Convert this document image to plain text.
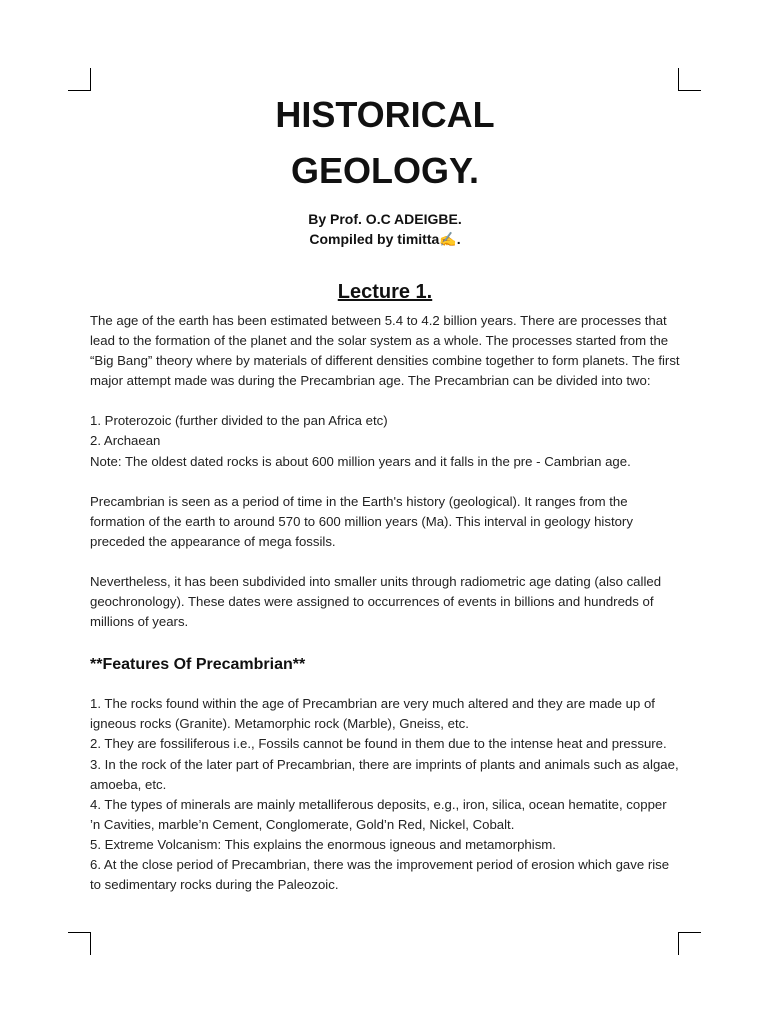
HISTORICAL
GEOLOGY.
By Prof. O.C ADEIGBE.
Compiled by timitta✍️.
Lecture 1.
The age of the earth has been estimated between 5.4 to 4.2 billion years. There are processes that lead to the formation of the planet and the solar system as a whole. The processes started from the “Big Bang” theory where by materials of different densities combine together to form planets. The first major attempt made was during the Precambrian age. The Precambrian can be divided into two:
1. Proterozoic (further divided to the pan Africa etc)
2. Archaean
Note: The oldest dated rocks is about 600 million years and it falls in the pre - Cambrian age.
Precambrian is seen as a period of time in the Earth's history (geological). It ranges from the formation of the earth to around 570 to 600 million years (Ma). This interval in geology history preceded the appearance of mega fossils.
Nevertheless, it has been subdivided into smaller units through radiometric age dating (also called geochronology). These dates were assigned to occurrences of events in billions and hundreds of millions of years.
**Features Of Precambrian**
1. The rocks found within the age of Precambrian are very much altered and they are made up of igneous rocks (Granite). Metamorphic rock (Marble), Gneiss, etc.
2. They are fossiliferous i.e., Fossils cannot be found in them due to the intense heat and pressure.
3. In the rock of the later part of Precambrian, there are imprints of plants and animals such as algae, amoeba, etc.
4. The types of minerals are mainly metalliferous deposits, e.g., iron, silica, ocean hematite, copper ’n Cavities, marble’n Cement, Conglomerate, Gold’n Red, Nickel, Cobalt.
5. Extreme Volcanism: This explains the enormous igneous and metamorphism.
6. At the close period of Precambrian, there was the improvement period of erosion which gave rise to sedimentary rocks during the Paleozoic.
